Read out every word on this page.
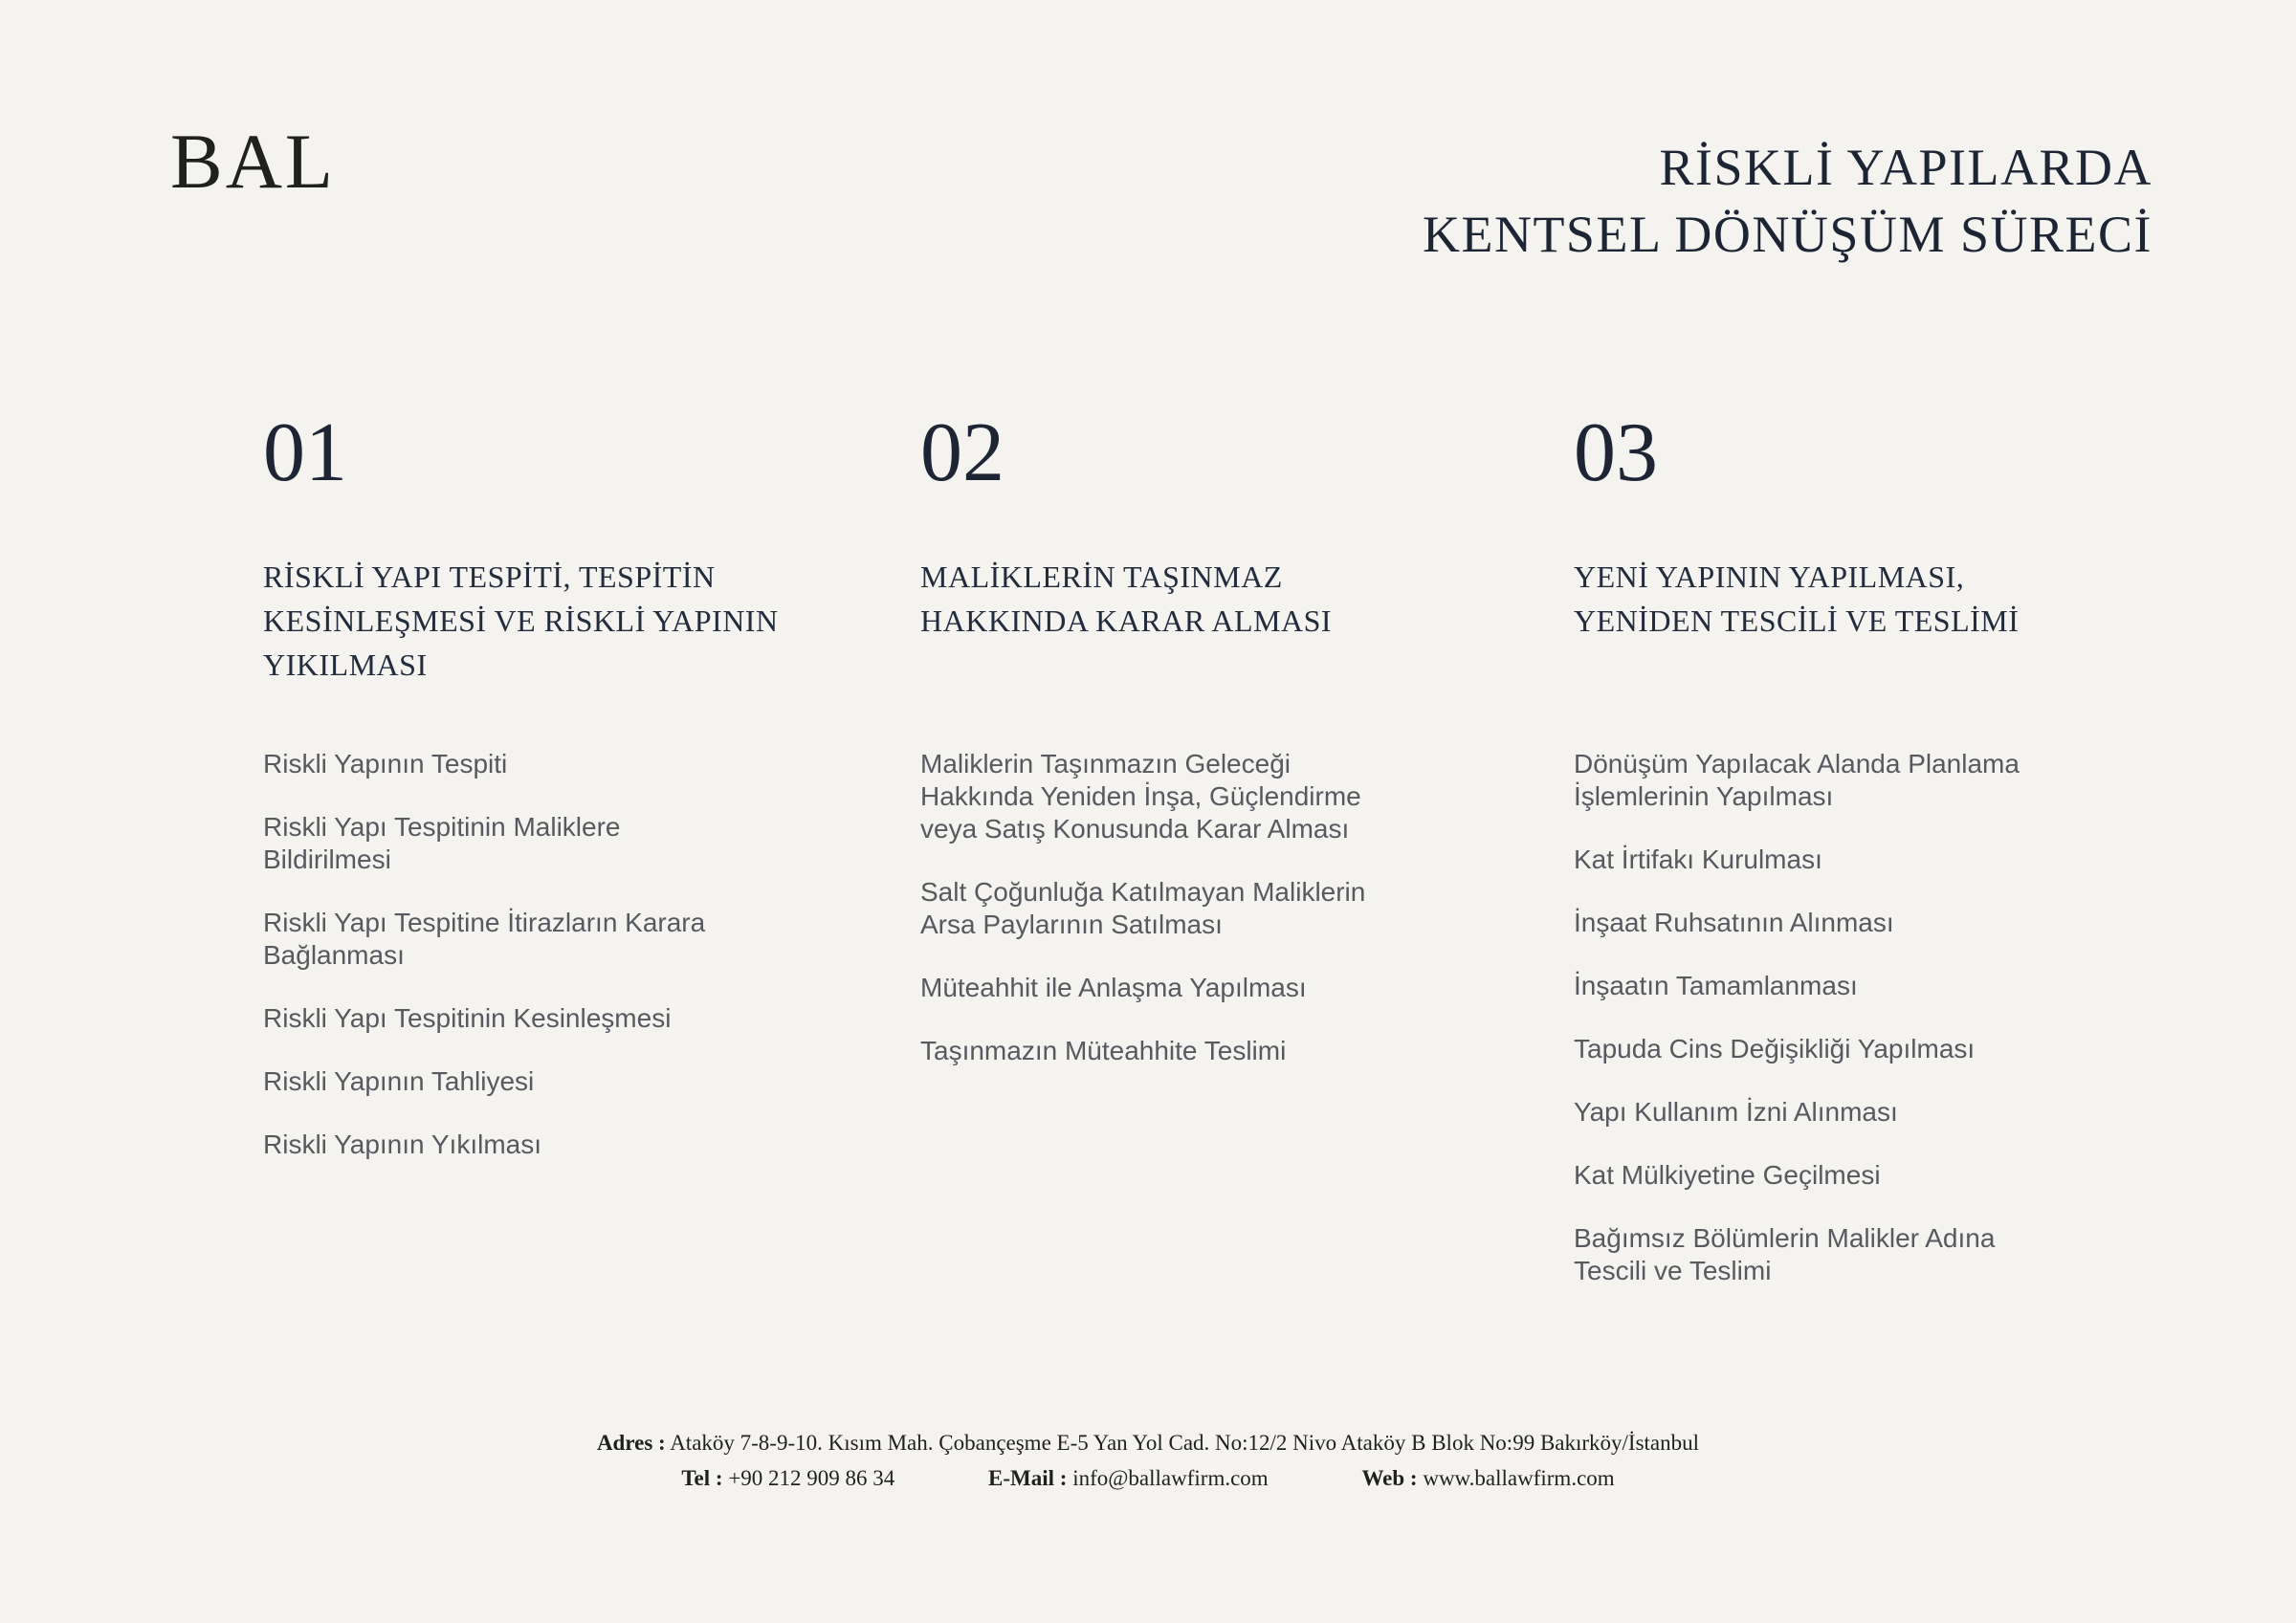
BAL	RİSKLİ YAPILARDA
KENTSEL DÖNÜŞÜM SÜRECİ
01
RİSKLİ YAPI TESPİTİ, TESPİTİN
KESİNLEŞMESİ VE RİSKLİ YAPININ
YIKILMASI
Riskli Yapının Tespiti
Riskli Yapı Tespitinin Maliklere Bildirilmesi
Riskli Yapı Tespitine İtirazların Karara Bağlanması
Riskli Yapı Tespitinin Kesinleşmesi
Riskli Yapının Tahliyesi
Riskli Yapının Yıkılması
02
MALİKLERİN TAŞINMAZ
HAKKINDA KARAR ALMASI
Maliklerin Taşınmazın Geleceği Hakkında Yeniden İnşa, Güçlendirme veya Satış Konusunda Karar Alması
Salt Çoğunluğa Katılmayan Maliklerin Arsa Paylarının Satılması
Müteahhit ile Anlaşma Yapılması
Taşınmazın Müteahhite Teslimi
03
YENİ YAPININ YAPILMASI,
YENİDEN TESCİLİ VE TESLİMİ
Dönüşüm Yapılacak Alanda Planlama İşlemlerinin Yapılması
Kat İrtifakı Kurulması
İnşaat Ruhsatının Alınması
İnşaatın Tamamlanması
Tapuda Cins Değişikliği Yapılması
Yapı Kullanım İzni Alınması
Kat Mülkiyetine Geçilmesi
Bağımsız Bölümlerin Malikler Adına Tescili ve Teslimi
Adres : Ataköy 7-8-9-10. Kısım Mah. Çobançeşme E-5 Yan Yol Cad. No:12/2 Nivo Ataköy B Blok No:99 Bakırköy/İstanbul
Tel : +90 212 909 86 34	E-Mail : info@ballawfirm.com	Web : www.ballawfirm.com
